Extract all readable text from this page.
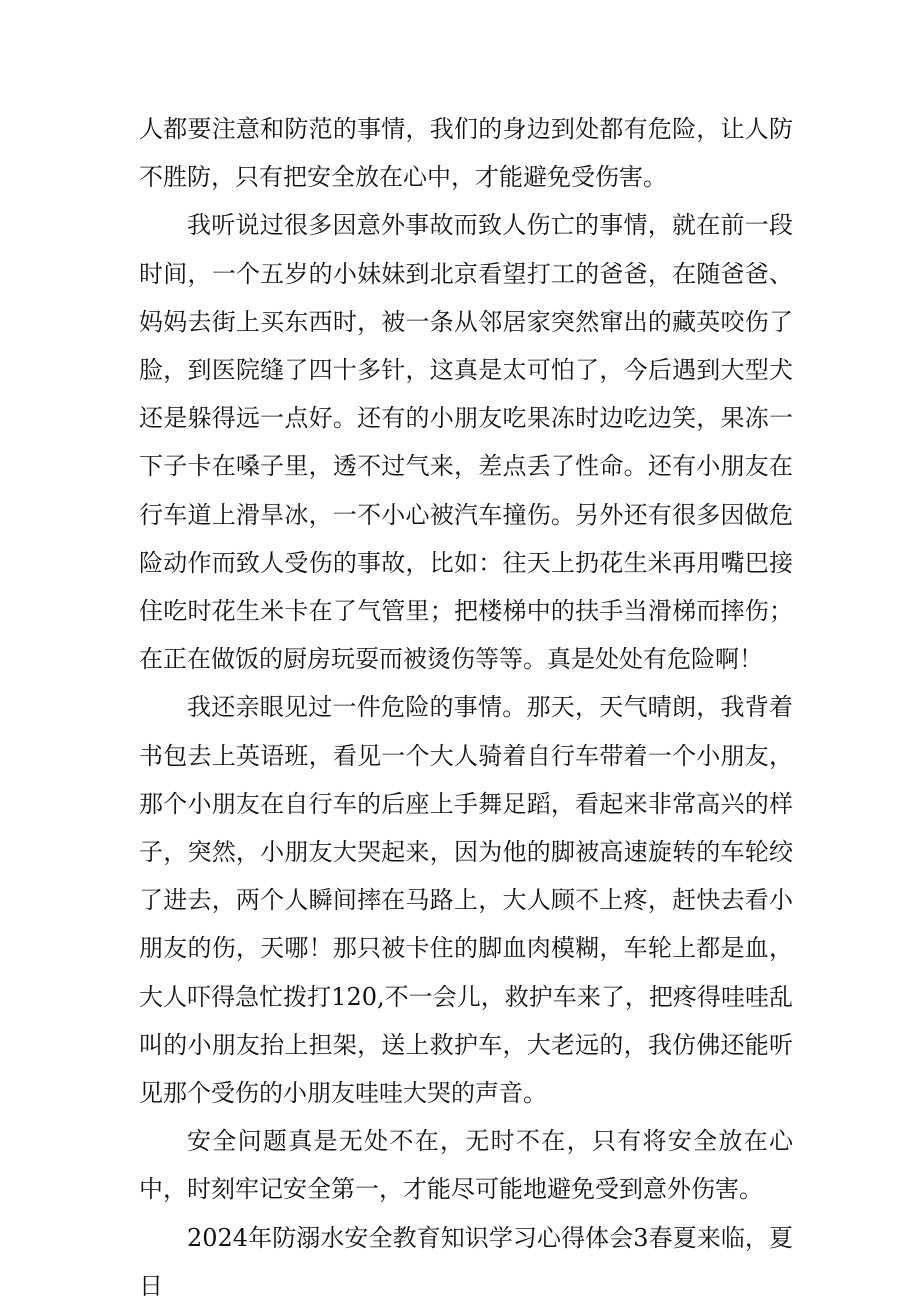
人都要注意和防范的事情，我们的身边到处都有危险，让人防不胜防，只有把安全放在心中，才能避免受伤害。

我听说过很多因意外事故而致人伤亡的事情，就在前一段时间，一个五岁的小妹妹到北京看望打工的爸爸，在随爸爸、妈妈去街上买东西时，被一条从邻居家突然窜出的藏英咬伤了脸，到医院缝了四十多针，这真是太可怕了，今后遇到大型犬还是躲得远一点好。还有的小朋友吃果冻时边吃边笑，果冻一下子卡在嗓子里，透不过气来，差点丢了性命。还有小朋友在行车道上滑旱冰，一不小心被汽车撞伤。另外还有很多因做危险动作而致人受伤的事故，比如：往天上扔花生米再用嘴巴接住吃时花生米卡在了气管里；把楼梯中的扶手当滑梯而摔伤；在正在做饭的厨房玩耍而被烫伤等等。真是处处有危险啊！

我还亲眼见过一件危险的事情。那天，天气晴朗，我背着书包去上英语班，看见一个大人骑着自行车带着一个小朋友，那个小朋友在自行车的后座上手舞足蹈，看起来非常高兴的样子，突然，小朋友大哭起来，因为他的脚被高速旋转的车轮绞了进去，两个人瞬间摔在马路上，大人顾不上疼，赶快去看小朋友的伤，天哪！那只被卡住的脚血肉模糊，车轮上都是血，大人吓得急忙拨打120,不一会儿，救护车来了，把疼得哇哇乱叫的小朋友抬上担架，送上救护车，大老远的，我仿佛还能听见那个受伤的小朋友哇哇大哭的声音。

安全问题真是无处不在，无时不在，只有将安全放在心中，时刻牢记安全第一，才能尽可能地避免受到意外伤害。

2024年防溺水安全教育知识学习心得体会3春夏来临，夏日
